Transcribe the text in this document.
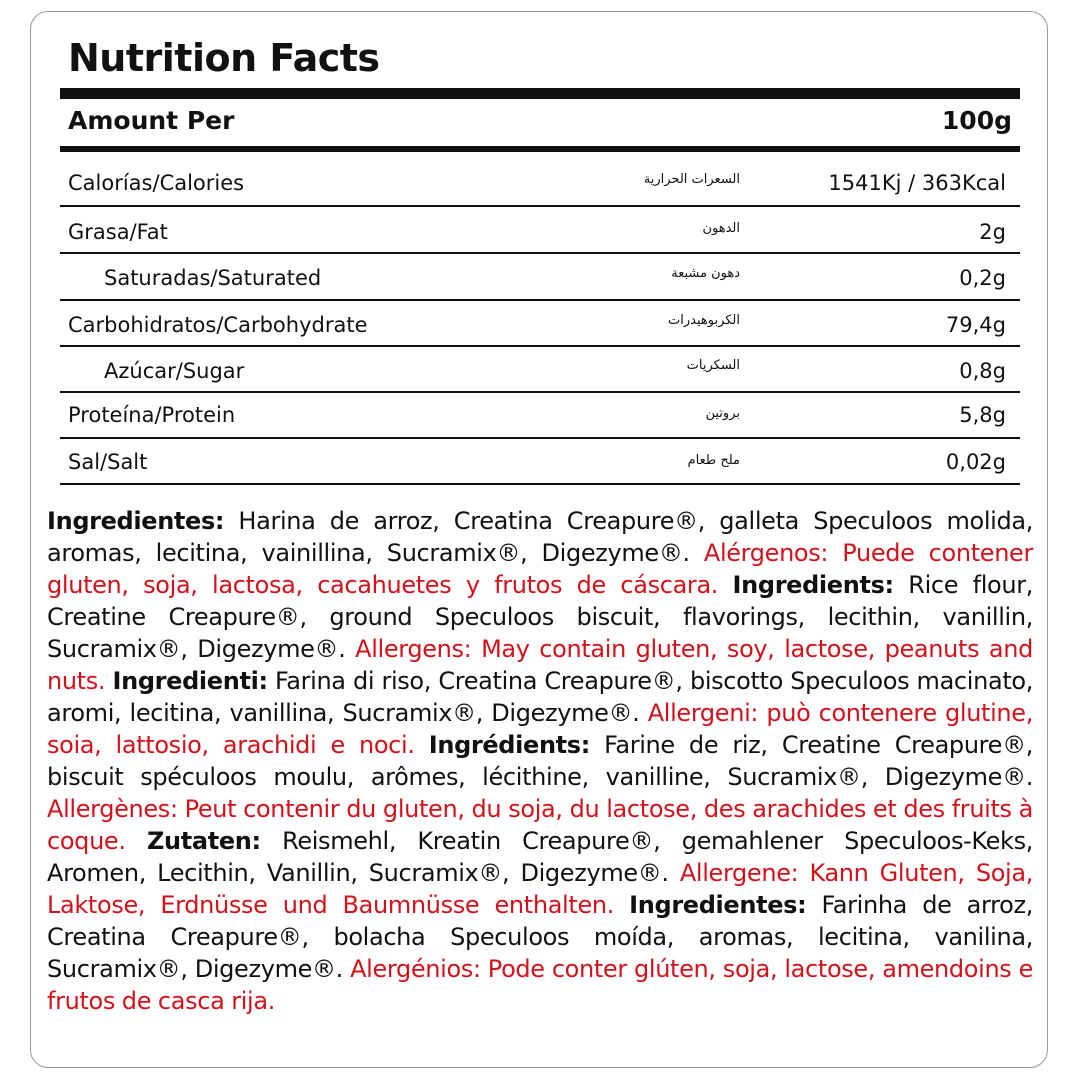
Nutrition Facts
Amount Per	100g
Calorías/Calories	السعرات الحرارية	1541Kj / 363Kcal
Grasa/Fat	الدهون	2g
Saturadas/Saturated	دهون مشبعة	0,2g
Carbohidratos/Carbohydrate	الكربوهيدرات	79,4g
Azúcar/Sugar	السكريات	0,8g
Proteína/Protein	بروتين	5,8g
Sal/Salt	ملح طعام	0,02g

Ingredientes: Harina de arroz, Creatina Creapure®, galleta Speculoos molida, aromas, lecitina, vainillina, Sucramix®, Digezyme®. Alérgenos: Puede contener gluten, soja, lactosa, cacahuetes y frutos de cáscara. Ingredients: Rice flour, Creatine Creapure®, ground Speculoos biscuit, flavorings, lecithin, vanillin, Sucramix®, Digezyme®. Allergens: May contain gluten, soy, lactose, peanuts and nuts. Ingredienti: Farina di riso, Creatina Creapure®, biscotto Speculoos macinato, aromi, lecitina, vanillina, Sucramix®, Digezyme®. Allergeni: può contenere glutine, soia, lattosio, arachidi e noci. Ingrédients: Farine de riz, Creatine Creapure®, biscuit spéculoos moulu, arômes, lécithine, vanilline, Sucramix®, Digezyme®. Allergènes: Peut contenir du gluten, du soja, du lactose, des arachides et des fruits à coque. Zutaten: Reismehl, Kreatin Creapure®, gemahlener Speculoos-Keks, Aromen, Lecithin, Vanillin, Sucramix®, Digezyme®. Allergene: Kann Gluten, Soja, Laktose, Erdnüsse und Baumnüsse enthalten. Ingredientes: Farinha de arroz, Creatina Creapure®, bolacha Speculoos moída, aromas, lecitina, vanilina, Sucramix®, Digezyme®. Alergénios: Pode conter glúten, soja, lactose, amendoins e frutos de casca rija.
